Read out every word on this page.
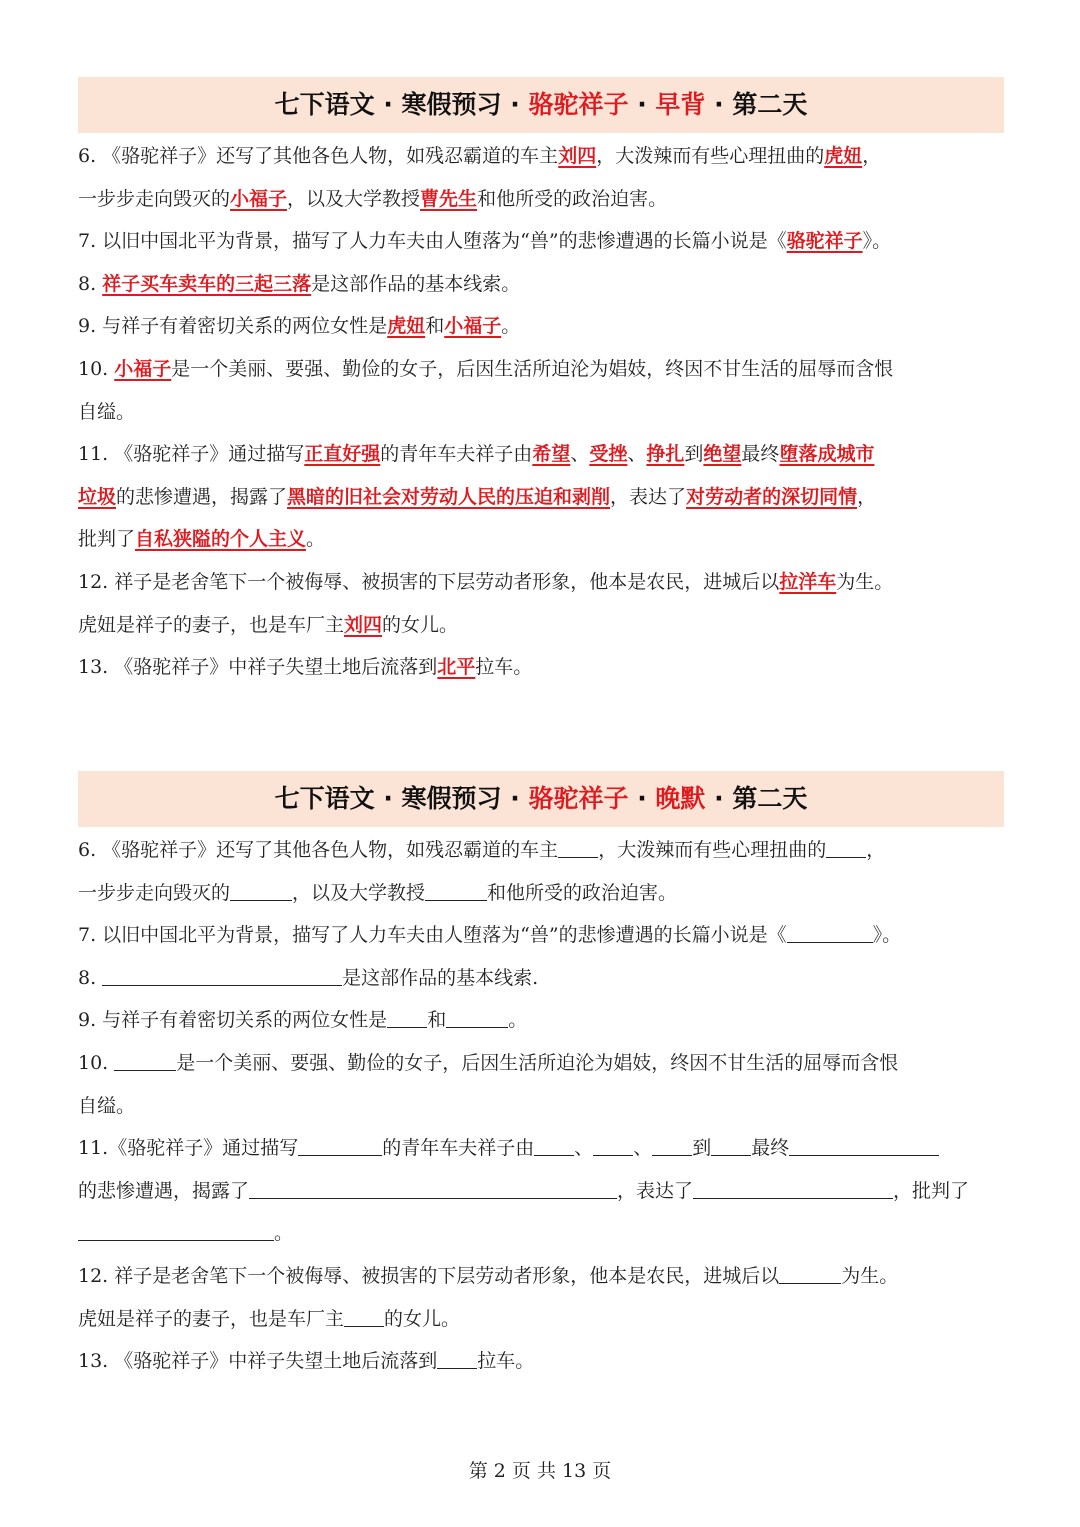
七下语文 · 寒假预习 · 骆驼祥子 · 早背 · 第二天
6. 《骆驼祥子》还写了其他各色人物，如残忍霸道的车主刘四，大泼辣而有些心理扭曲的虎妞，
一步步走向毁灭的小福子，以及大学教授曹先生和他所受的政治迫害。
7. 以旧中国北平为背景，描写了人力车夫由人堕落为“兽”的悲惨遭遇的长篇小说是《骆驼祥子》。
8. 祥子买车卖车的三起三落是这部作品的基本线索。
9. 与祥子有着密切关系的两位女性是虎妞和小福子。
10. 小福子是一个美丽、要强、勤俭的女子，后因生活所迫沦为娼妓，终因不甘生活的屈辱而含恨
自缢。
11. 《骆驼祥子》通过描写正直好强的青年车夫祥子由希望、受挫、挣扎到绝望最终堕落成城市
垃圾的悲惨遭遇，揭露了黑暗的旧社会对劳动人民的压迫和剥削，表达了对劳动者的深切同情，
批判了自私狭隘的个人主义。
12. 祥子是老舍笔下一个被侮辱、被损害的下层劳动者形象，他本是农民，进城后以拉洋车为生。
虎妞是祥子的妻子，也是车厂主刘四的女儿。
13. 《骆驼祥子》中祥子失望土地后流落到北平拉车。
七下语文 · 寒假预习 · 骆驼祥子 · 晚默 · 第二天
6. 《骆驼祥子》还写了其他各色人物，如残忍霸道的车主 ，大泼辣而有些心理扭曲的 ，
一步步走向毁灭的	，以及大学教授	和他所受的政治迫害。
7. 以旧中国北平为背景，描写了人力车夫由人堕落为“兽”的悲惨遭遇的长篇小说是《	》。
8.	是这部作品的基本线索.
9. 与祥子有着密切关系的两位女性是 和	。
10.	是一个美丽、要强、勤俭的女子，后因生活所迫沦为娼妓，终因不甘生活的屈辱而含恨
自缢。
11.《骆驼祥子》通过描写	的青年车夫祥子由 、 、 到 最终
的悲惨遭遇，揭露了	，表达了	，批判了
。
12. 祥子是老舍笔下一个被侮辱、被损害的下层劳动者形象，他本是农民，进城后以	为生。
虎妞是祥子的妻子，也是车厂主 的女儿。
13. 《骆驼祥子》中祥子失望土地后流落到 拉车。
第 2 页 共 13 页
